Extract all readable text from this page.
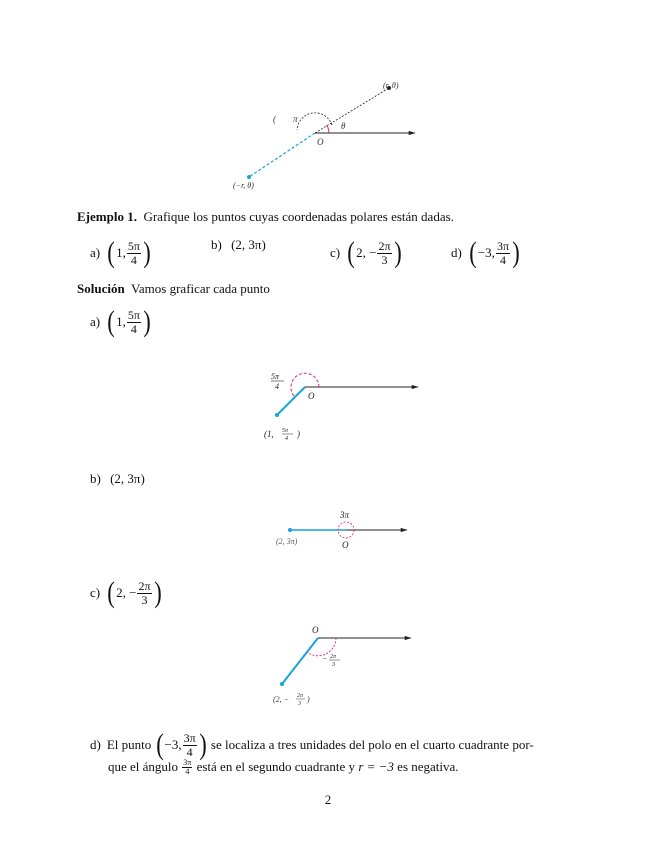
(r, θ)
( π
θ
O
(−r, θ)
Ejemplo 1. Grafique los puntos cuyas coordenadas polares están dadas.
a) ( 1, $\frac{5\pi}{4}$ )	b) (2, 3π)
c) ( 2, − $\frac{2\pi}{3}$ )	d) ( −3, $\frac{3\pi}{4}$ )
Solución Vamos graficar cada punto
a) ( 1, $\frac{5\pi}{4}$ )
5π
4
O
(1, 5π
4 )
b) (2, 3π)
3π
(2, 3π)	O
c) ( 2, − $\frac{2\pi}{3}$ )
O
− 2π
3
(2, − 2π
3 )
d) El punto
( −3, $\frac{3\pi}{4}$ )
se localiza a tres unidades del polo en el cuarto cuadrante por-
que el ángulo
$\frac{3\pi}{4}$
está en el segundo cuadrante y
r = −3
es negativa.
2
